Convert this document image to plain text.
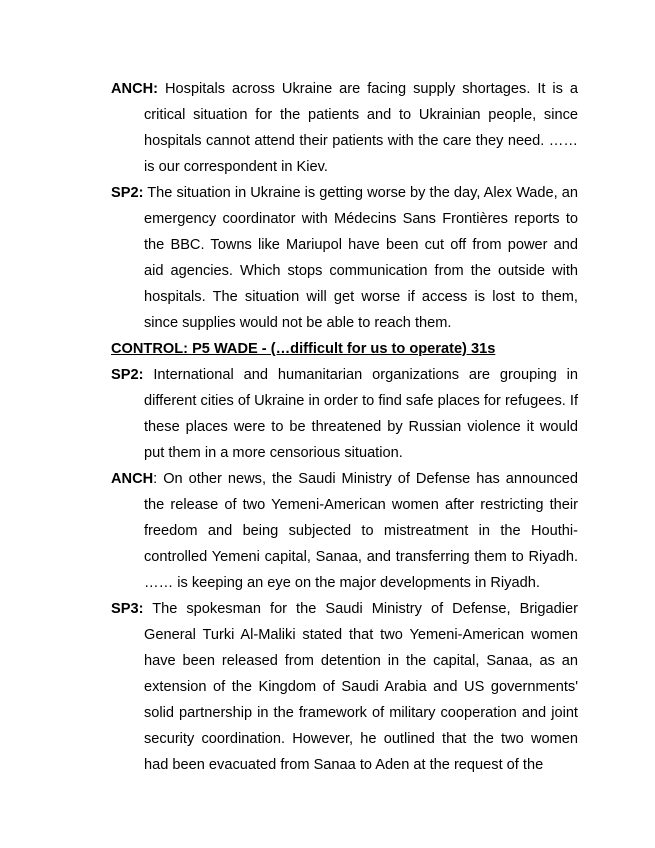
ANCH: Hospitals across Ukraine are facing supply shortages. It is a critical situation for the patients and to Ukrainian people, since hospitals cannot attend their patients with the care they need. …… is our correspondent in Kiev.

SP2: The situation in Ukraine is getting worse by the day, Alex Wade, an emergency coordinator with Médecins Sans Frontières reports to the BBC. Towns like Mariupol have been cut off from power and aid agencies. Which stops communication from the outside with hospitals. The situation will get worse if access is lost to them, since supplies would not be able to reach them.

CONTROL: P5 WADE - (…difficult for us to operate) 31s

SP2: International and humanitarian organizations are grouping in different cities of Ukraine in order to find safe places for refugees. If these places were to be threatened by Russian violence it would put them in a more censorious situation.

ANCH: On other news, the Saudi Ministry of Defense has announced the release of two Yemeni-American women after restricting their freedom and being subjected to mistreatment in the Houthi-controlled Yemeni capital, Sanaa, and transferring them to Riyadh. …… is keeping an eye on the major developments in Riyadh.

SP3: The spokesman for the Saudi Ministry of Defense, Brigadier General Turki Al-Maliki stated that two Yemeni-American women have been released from detention in the capital, Sanaa, as an extension of the Kingdom of Saudi Arabia and US governments' solid partnership in the framework of military cooperation and joint security coordination. However, he outlined that the two women had been evacuated from Sanaa to Aden at the request of the
